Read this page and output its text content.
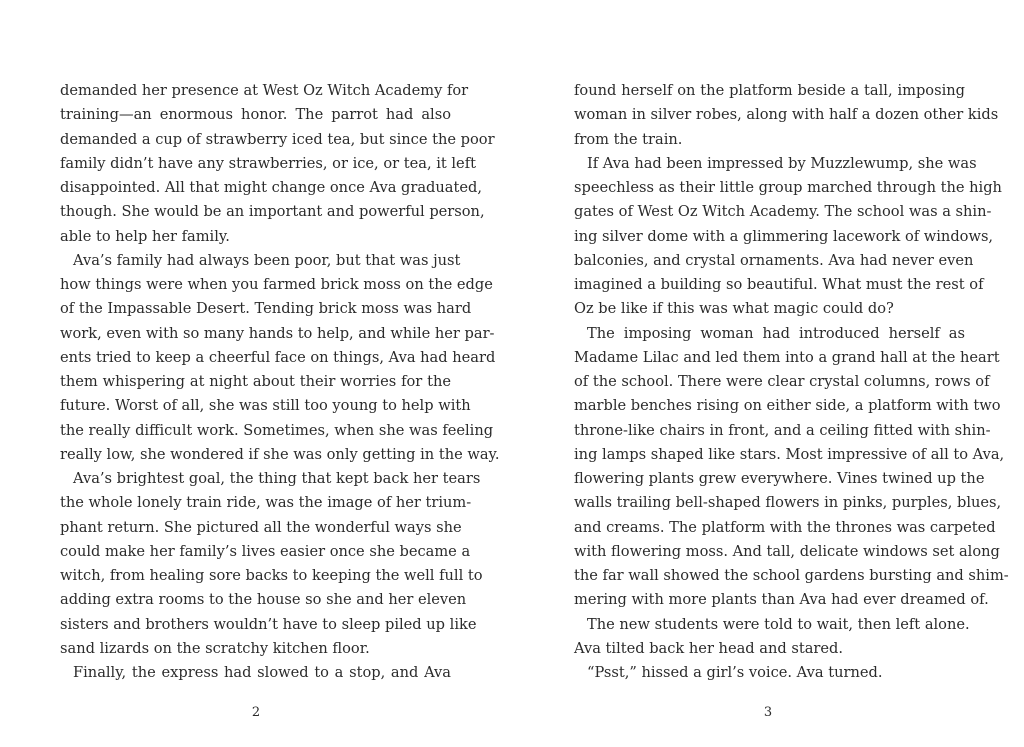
demanded her presence at West Oz Witch Academy for
training—an enormous honor. The parrot had also
demanded a cup of strawberry iced tea, but since the poor
family didn’t have any strawberries, or ice, or tea, it left
disappointed. All that might change once Ava graduated,
though. She would be an important and powerful person,
able to help her family.
Ava’s family had always been poor, but that was just
how things were when you farmed brick moss on the edge
of the Impassable Desert. Tending brick moss was hard
work, even with so many hands to help, and while her par-
ents tried to keep a cheerful face on things, Ava had heard
them whispering at night about their worries for the
future. Worst of all, she was still too young to help with
the really difficult work. Sometimes, when she was feeling
really low, she wondered if she was only getting in the way.
Ava’s brightest goal, the thing that kept back her tears
the whole lonely train ride, was the image of her trium-
phant return. She pictured all the wonderful ways she
could make her family’s lives easier once she became a
witch, from healing sore backs to keeping the well full to
adding extra rooms to the house so she and her eleven
sisters and brothers wouldn’t have to sleep piled up like
sand lizards on the scratchy kitchen floor.
Finally, the express had slowed to a stop, and Ava
2
found herself on the platform beside a tall, imposing
woman in silver robes, along with half a dozen other kids
from the train.
If Ava had been impressed by Muzzlewump, she was
speechless as their little group marched through the high
gates of West Oz Witch Academy. The school was a shin-
ing silver dome with a glimmering lacework of windows,
balconies, and crystal ornaments. Ava had never even
imagined a building so beautiful. What must the rest of
Oz be like if this was what magic could do?
The imposing woman had introduced herself as
Madame Lilac and led them into a grand hall at the heart
of the school. There were clear crystal columns, rows of
marble benches rising on either side, a platform with two
throne-like chairs in front, and a ceiling fitted with shin-
ing lamps shaped like stars. Most impressive of all to Ava,
flowering plants grew everywhere. Vines twined up the
walls trailing bell-shaped flowers in pinks, purples, blues,
and creams. The platform with the thrones was carpeted
with flowering moss. And tall, delicate windows set along
the far wall showed the school gardens bursting and shim-
mering with more plants than Ava had ever dreamed of.
The new students were told to wait, then left alone.
Ava tilted back her head and stared.
“Psst,” hissed a girl’s voice. Ava turned.
3
